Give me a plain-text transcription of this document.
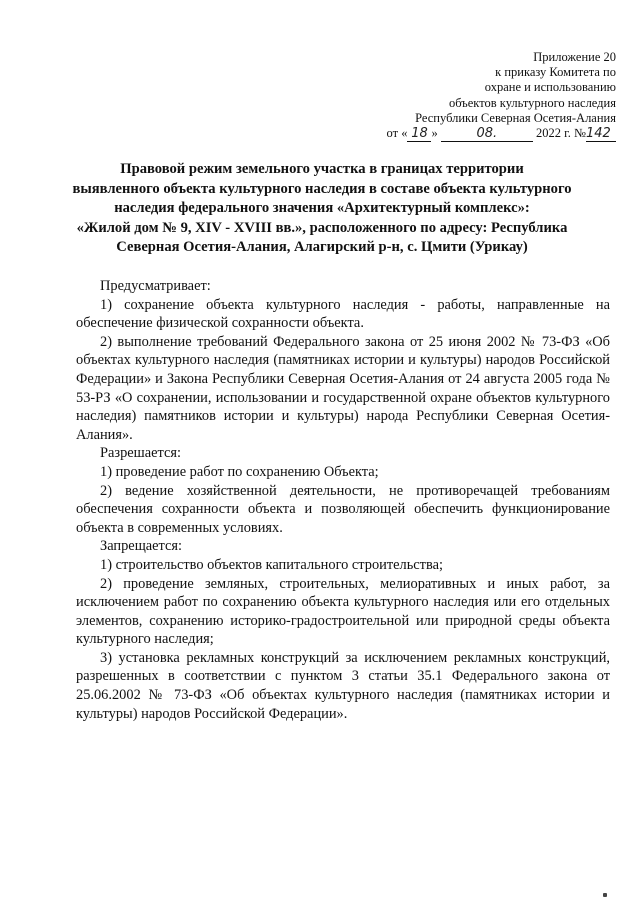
Приложение 20
к приказу Комитета по
охране и использованию
объектов культурного наследия
Республики Северная Осетия-Алания
от « 18 »	08.	2022 г. №142
Правовой режим земельного участка в границах территории
выявленного объекта культурного наследия в составе объекта культурного
наследия федерального значения «Архитектурный комплекс»:
«Жилой дом № 9, XIV - XVIII вв.», расположенного по адресу: Республика
Северная Осетия-Алания, Алагирский р-н, с. Цмити (Урикау)

Предусматривает:

1) сохранение объекта культурного наследия - работы, направленные на обеспечение физической сохранности объекта.

2) выполнение требований Федерального закона от 25 июня 2002 № 73-ФЗ «Об объектах культурного наследия (памятниках истории и культуры) народов Российской Федерации» и Закона Республики Северная Осетия-Алания от 24 августа 2005 года № 53-РЗ «О сохранении, использовании и государственной охране объектов культурного наследия) памятников истории и культуры) народа Республики Северная Осетия-Алания».

Разрешается:

1) проведение работ по сохранению Объекта;

2) ведение хозяйственной деятельности, не противоречащей требованиям обеспечения сохранности объекта и позволяющей обеспечить функционирование объекта в современных условиях.

Запрещается:

1) строительство объектов капитального строительства;

2) проведение земляных, строительных, мелиоративных и иных работ, за исключением работ по сохранению объекта культурного наследия или его отдельных элементов, сохранению историко-градостроительной или природной среды объекта культурного наследия;

3) установка рекламных конструкций за исключением рекламных конструкций, разрешенных в соответствии с пунктом 3 статьи 35.1 Федерального закона от 25.06.2002 № 73-ФЗ «Об объектах культурного наследия (памятниках истории и культуры) народов Российской Федерации».
